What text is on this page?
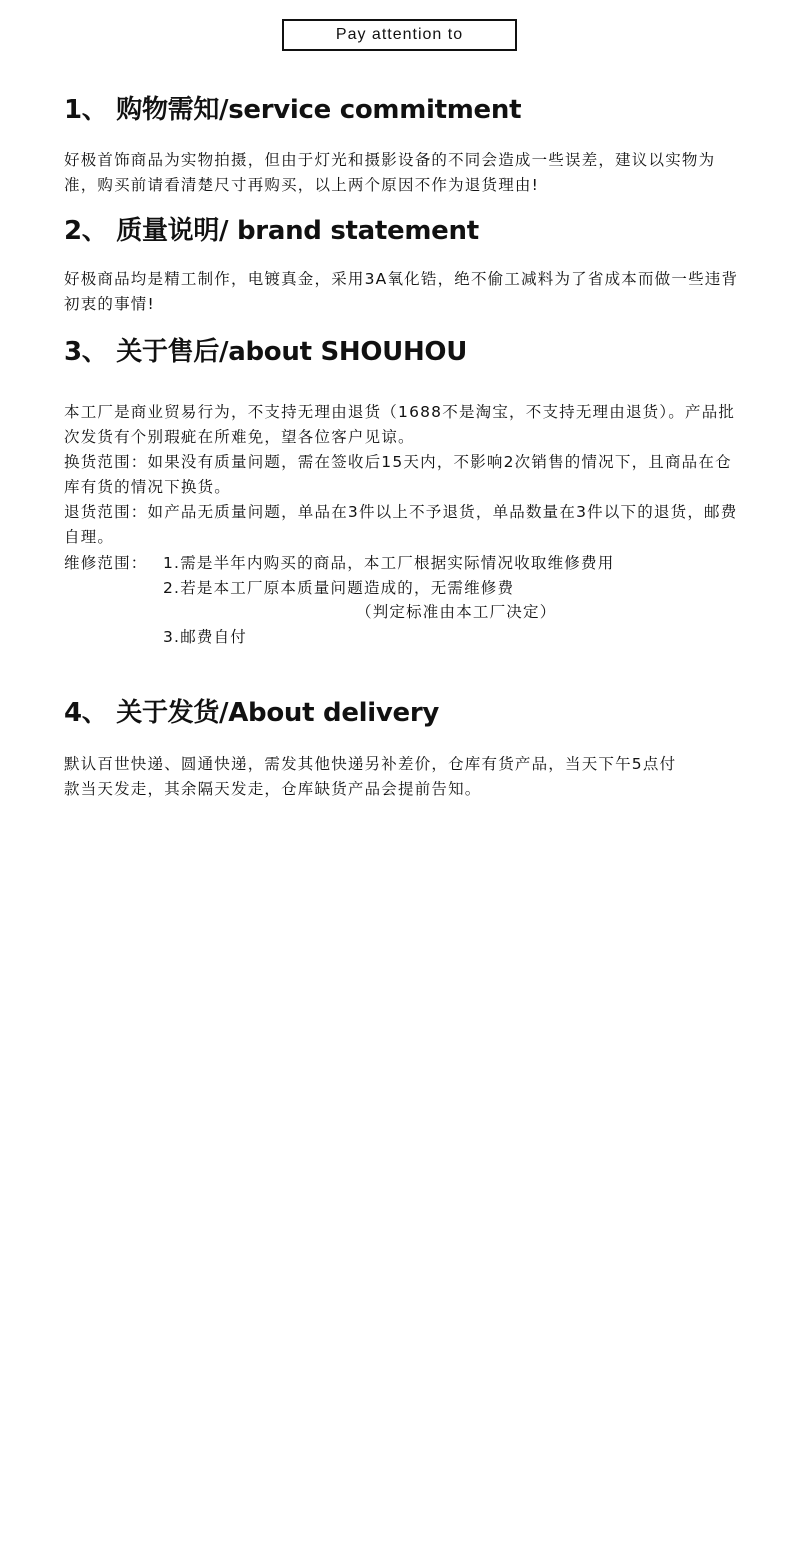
Pay attention to
1、 购物需知/service commitment

好极首饰商品为实物拍摄，但由于灯光和摄影设备的不同会造成一些误差，建议以实物为准，购买前请看清楚尺寸再购买，以上两个原因不作为退货理由!

2、 质量说明/ brand statement

好极商品均是精工制作，电镀真金，采用3A氧化锆，绝不偷工减料为了省成本而做一些违背初衷的事情!

3、 关于售后/about SHOUHOU

本工厂是商业贸易行为，不支持无理由退货（1688不是淘宝，不支持无理由退货）。产品批次发货有个别瑕疵在所难免，望各位客户见谅。

换货范围：如果没有质量问题，需在签收后15天内，不影响2次销售的情况下，且商品在仓库有货的情况下换货。

退货范围：如产品无质量问题，单品在3件以上不予退货，单品数量在3件以下的退货，邮费自理。

维修范围： 1.需是半年内购买的商品，本工厂根据实际情况收取维修费用
2.若是本工厂原本质量问题造成的，无需维修费
（判定标准由本工厂决定）
3.邮费自付
4、 关于发货/About delivery

默认百世快递、圆通快递，需发其他快递另补差价，仓库有货产品，当天下午5点付款当天发走，其余隔天发走，仓库缺货产品会提前告知。
